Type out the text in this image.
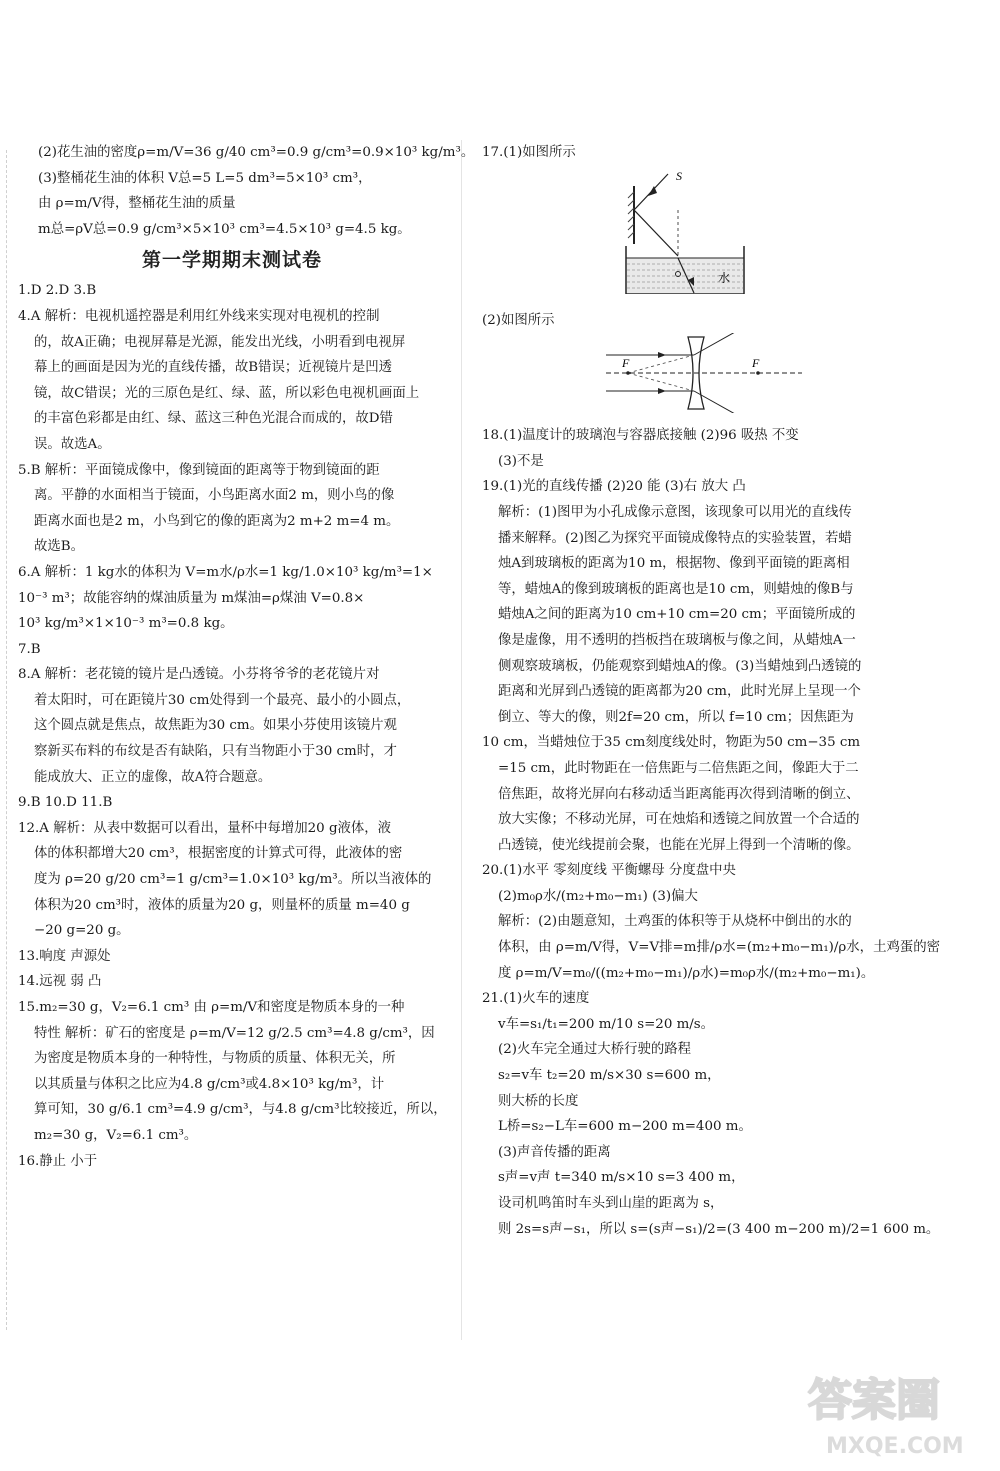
(2)花生油的密度ρ=m/V=36 g/40 cm³=0.9 g/cm³=0.9×10³ kg/m³。
(3)整桶花生油的体积 V总=5 L=5 dm³=5×10³ cm³，
由 ρ=m/V得，整桶花生油的质量
m总=ρV总=0.9 g/cm³×5×10³ cm³=4.5×10³ g=4.5 kg。
第一学期期末测试卷
1.D 2.D 3.B
4.A 解析：电视机遥控器是利用红外线来实现对电视机的控制
的，故A正确；电视屏幕是光源，能发出光线，小明看到电视屏
幕上的画面是因为光的直线传播，故B错误；近视镜片是凹透
镜，故C错误；光的三原色是红、绿、蓝，所以彩色电视机画面上
的丰富色彩都是由红、绿、蓝这三种色光混合而成的，故D错
误。故选A。
5.B 解析：平面镜成像中，像到镜面的距离等于物到镜面的距
离。平静的水面相当于镜面，小鸟距离水面2 m，则小鸟的像
距离水面也是2 m，小鸟到它的像的距离为2 m+2 m=4 m。
故选B。
6.A 解析：1 kg水的体积为 V=m水/ρ水=1 kg/1.0×10³ kg/m³=1×
10⁻³ m³；故能容纳的煤油质量为 m煤油=ρ煤油 V=0.8×
10³ kg/m³×1×10⁻³ m³=0.8 kg。
7.B
8.A 解析：老花镜的镜片是凸透镜。小芬将爷爷的老花镜片对
着太阳时，可在距镜片30 cm处得到一个最亮、最小的小圆点，
这个圆点就是焦点，故焦距为30 cm。如果小芬使用该镜片观
察新买布料的布纹是否有缺陷，只有当物距小于30 cm时，才
能成放大、正立的虚像，故A符合题意。
9.B 10.D 11.B
12.A 解析：从表中数据可以看出，量杯中每增加20 g液体，液
体的体积都增大20 cm³，根据密度的计算式可得，此液体的密
度为 ρ=20 g/20 cm³=1 g/cm³=1.0×10³ kg/m³。所以当液体的
体积为20 cm³时，液体的质量为20 g，则量杯的质量 m=40 g
−20 g=20 g。
13.响度 声源处
14.远视 弱 凸
15.m₂=30 g，V₂=6.1 cm³ 由 ρ=m/V和密度是物质本身的一种
特性 解析：矿石的密度是 ρ=m/V=12 g/2.5 cm³=4.8 g/cm³，因
为密度是物质本身的一种特性，与物质的质量、体积无关，所
以其质量与体积之比应为4.8 g/cm³或4.8×10³ kg/m³，计
算可知，30 g/6.1 cm³=4.9 g/cm³，与4.8 g/cm³比较接近，所以，
m₂=30 g，V₂=6.1 cm³。
16.静止 小于
17.(1)如图所示
S
水
(2)如图所示
F	F
18.(1)温度计的玻璃泡与容器底接触 (2)96 吸热 不变
(3)不是
19.(1)光的直线传播 (2)20 能 (3)右 放大 凸
解析：(1)图甲为小孔成像示意图，该现象可以用光的直线传
播来解释。(2)图乙为探究平面镜成像特点的实验装置，若蜡
烛A到玻璃板的距离为10 m，根据物、像到平面镜的距离相
等，蜡烛A的像到玻璃板的距离也是10 cm，则蜡烛的像B与
蜡烛A之间的距离为10 cm+10 cm=20 cm；平面镜所成的
像是虚像，用不透明的挡板挡在玻璃板与像之间，从蜡烛A一
侧观察玻璃板，仍能观察到蜡烛A的像。(3)当蜡烛到凸透镜的
距离和光屏到凸透镜的距离都为20 cm，此时光屏上呈现一个
倒立、等大的像，则2f=20 cm，所以 f=10 cm；因焦距为
10 cm，当蜡烛位于35 cm刻度线处时，物距为50 cm−35 cm
=15 cm，此时物距在一倍焦距与二倍焦距之间，像距大于二
倍焦距，故将光屏向右移动适当距离能再次得到清晰的倒立、
放大实像；不移动光屏，可在烛焰和透镜之间放置一个合适的
凸透镜，使光线提前会聚，也能在光屏上得到一个清晰的像。
20.(1)水平 零刻度线 平衡螺母 分度盘中央
(2)m₀ρ水/(m₂+m₀−m₁) (3)偏大
解析：(2)由题意知，土鸡蛋的体积等于从烧杯中倒出的水的
体积，由 ρ=m/V得，V=V排=m排/ρ水=(m₂+m₀−m₁)/ρ水，土鸡蛋的密
度 ρ=m/V=m₀/((m₂+m₀−m₁)/ρ水)=m₀ρ水/(m₂+m₀−m₁)。
21.(1)火车的速度
v车=s₁/t₁=200 m/10 s=20 m/s。
(2)火车完全通过大桥行驶的路程
s₂=v车 t₂=20 m/s×30 s=600 m，
则大桥的长度
L桥=s₂−L车=600 m−200 m=400 m。
(3)声音传播的距离
s声=v声 t=340 m/s×10 s=3 400 m，
设司机鸣笛时车头到山崖的距离为 s，
则 2s=s声−s₁，所以 s=(s声−s₁)/2=(3 400 m−200 m)/2=1 600 m。
答案圈
MXQE.COM
